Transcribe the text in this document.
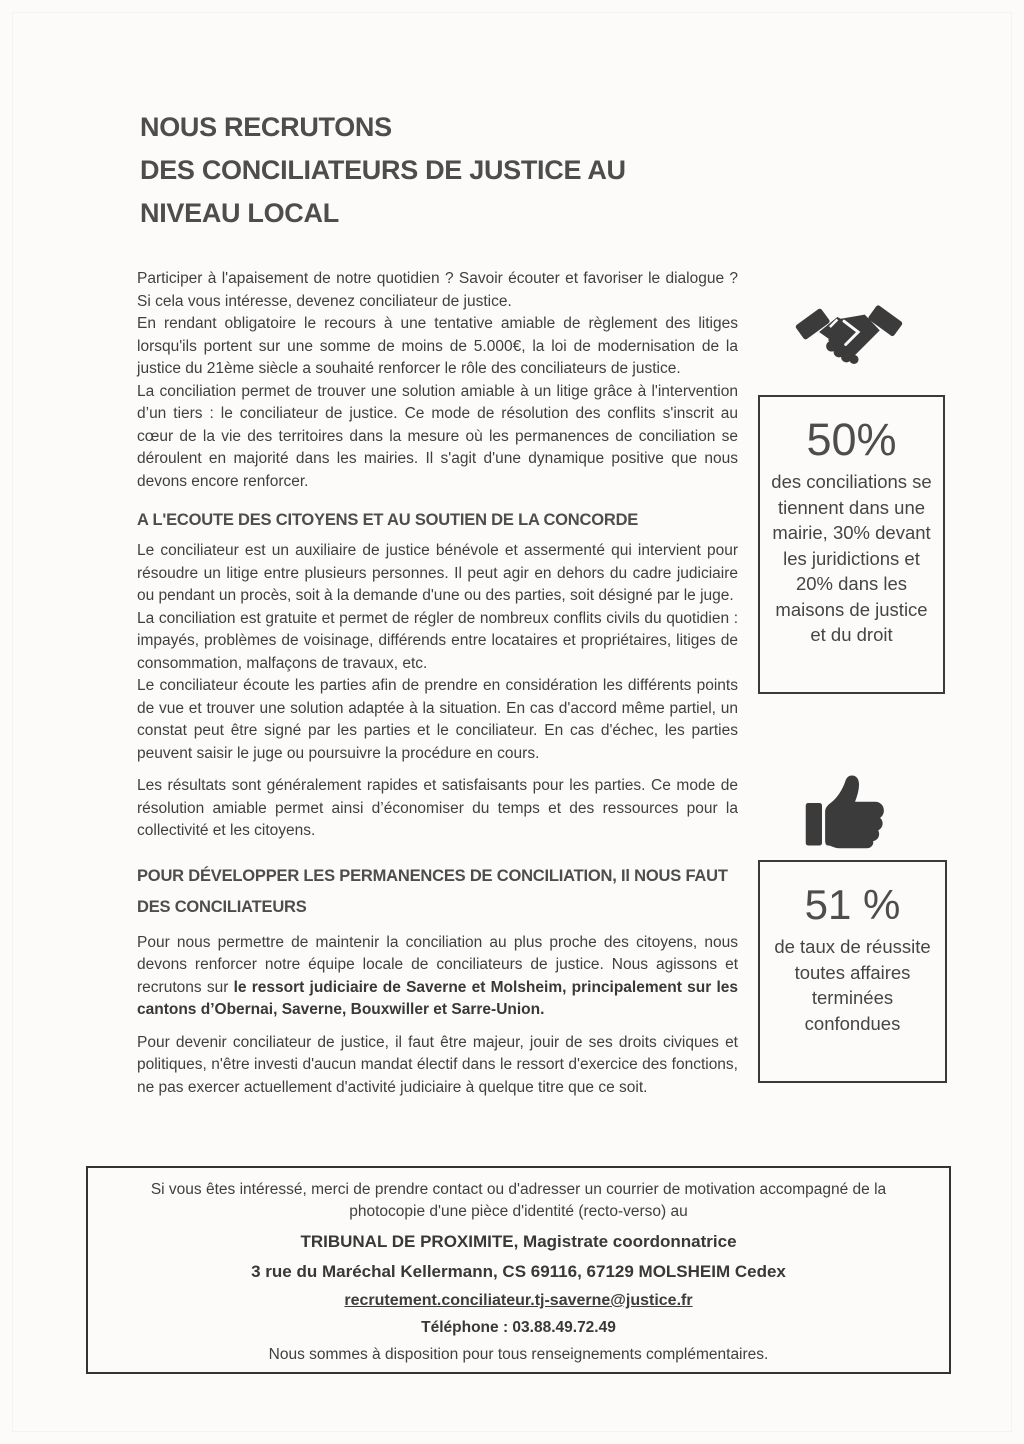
NOUS RECRUTONS
DES CONCILIATEURS DE JUSTICE AU
NIVEAU LOCAL

Participer à l'apaisement de notre quotidien ? Savoir écouter et favoriser le dialogue ? Si cela vous intéresse, devenez conciliateur de justice.

En rendant obligatoire le recours à une tentative amiable de règlement des litiges lorsqu'ils portent sur une somme de moins de 5.000€, la loi de modernisation de la justice du 21ème siècle a souhaité renforcer le rôle des conciliateurs de justice.

La conciliation permet de trouver une solution amiable à un litige grâce à l'intervention d’un tiers : le conciliateur de justice. Ce mode de résolution des conflits s'inscrit au cœur de la vie des territoires dans la mesure où les permanences de conciliation se déroulent en majorité dans les mairies. Il s'agit d'une dynamique positive que nous devons encore renforcer.

A L'ECOUTE DES CITOYENS ET AU SOUTIEN DE LA CONCORDE

Le conciliateur est un auxiliaire de justice bénévole et assermenté qui intervient pour résoudre un litige entre plusieurs personnes. Il peut agir en dehors du cadre judiciaire ou pendant un procès, soit à la demande d'une ou des parties, soit désigné par le juge.

La conciliation est gratuite et permet de régler de nombreux conflits civils du quotidien : impayés, problèmes de voisinage, différends entre locataires et propriétaires, litiges de consommation, malfaçons de travaux, etc.

Le conciliateur écoute les parties afin de prendre en considération les différents points de vue et trouver une solution adaptée à la situation. En cas d'accord même partiel, un constat peut être signé par les parties et le conciliateur. En cas d'échec, les parties peuvent saisir le juge ou poursuivre la procédure en cours.

Les résultats sont généralement rapides et satisfaisants pour les parties. Ce mode de résolution amiable permet ainsi d’économiser du temps et des ressources pour la collectivité et les citoyens.

POUR DÉVELOPPER LES PERMANENCES DE CONCILIATION, Il NOUS FAUT
DES CONCILIATEURS

Pour nous permettre de maintenir la conciliation au plus proche des citoyens, nous devons renforcer notre équipe locale de conciliateurs de justice. Nous agissons et recrutons sur le ressort judiciaire de Saverne et Molsheim, principalement sur les cantons d’Obernai, Saverne, Bouxwiller et Sarre-Union.

Pour devenir conciliateur de justice, il faut être majeur, jouir de ses droits civiques et politiques, n'être investi d'aucun mandat électif dans le ressort d'exercice des fonctions, ne pas exercer actuellement d'activité judiciaire à quelque titre que ce soit.

50%
des conciliations se tiennent dans une mairie, 30% devant les juridictions et 20% dans les maisons de justice et du droit
51 %
de taux de réussite toutes affaires terminées confondues

Si vous êtes intéressé, merci de prendre contact ou d'adresser un courrier de motivation accompagné de la photocopie d'une pièce d'identité (recto-verso) au

TRIBUNAL DE PROXIMITE, Magistrate coordonnatrice
3 rue du Maréchal Kellermann, CS 69116, 67129 MOLSHEIM Cedex
recrutement.conciliateur.tj-saverne@justice.fr
Téléphone : 03.88.49.72.49
Nous sommes à disposition pour tous renseignements complémentaires.
